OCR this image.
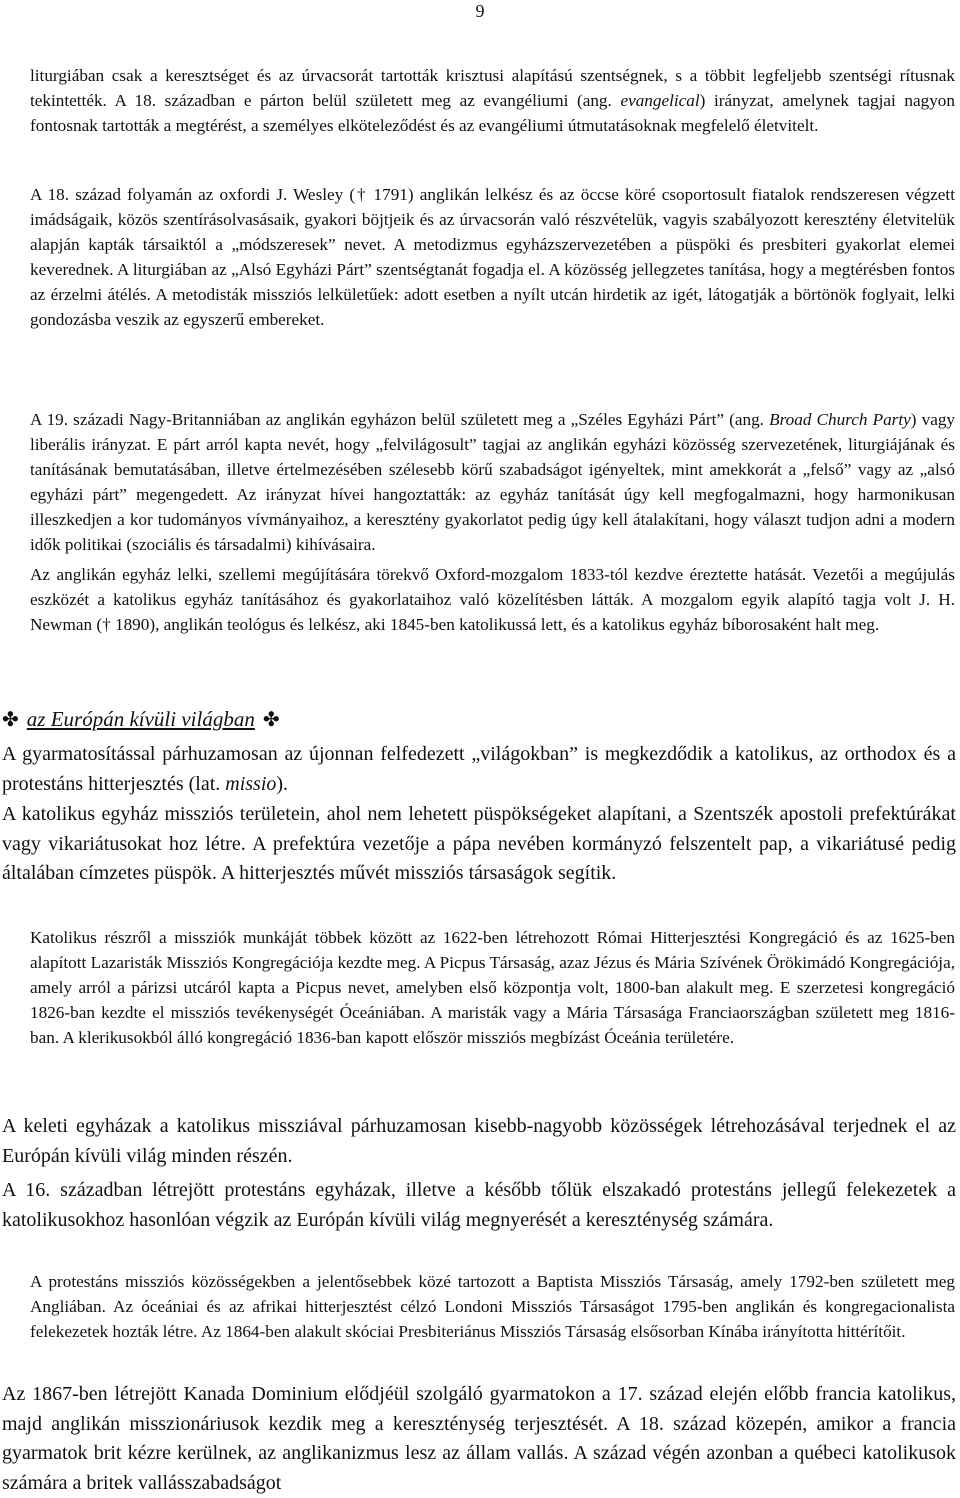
9

liturgiában csak a keresztséget és az úrvacsorát tartották krisztusi alapítású szentségnek, s a többit legfeljebb szentségi rítusnak tekintették. A 18. században e párton belül született meg az evangéliumi (ang. evangelical) irányzat, amelynek tagjai nagyon fontosnak tartották a megtérést, a személyes elköteleződést és az evangéliumi útmutatásoknak megfelelő életvitelt.

A 18. század folyamán az oxfordi J. Wesley († 1791) anglikán lelkész és az öccse köré csoportosult fiatalok rendszeresen végzett imádságaik, közös szentírásolvasásaik, gyakori böjtjeik és az úrvacsorán való részvételük, vagyis szabályozott keresztény életvitelük alapján kapták társaiktól a „módszeresek” nevet. A metodizmus egyházszervezetében a püspöki és presbiteri gyakorlat elemei keverednek. A liturgiában az „Alsó Egyházi Párt” szentségtanát fogadja el. A közösség jellegzetes tanítása, hogy a megtérésben fontos az érzelmi átélés. A metodisták missziós lelkületűek: adott esetben a nyílt utcán hirdetik az igét, látogatják a börtönök foglyait, lelki gondozásba veszik az egyszerű embereket.

A 19. századi Nagy-Britanniában az anglikán egyházon belül született meg a „Széles Egyházi Párt” (ang. Broad Church Party) vagy liberális irányzat. E párt arról kapta nevét, hogy „felvilágosult” tagjai az anglikán egyházi közösség szervezetének, liturgiájának és tanításának bemutatásában, illetve értelmezésében szélesebb körű szabadságot igényeltek, mint amekkorát a „felső” vagy az „alsó egyházi párt” megengedett. Az irányzat hívei hangoztatták: az egyház tanítását úgy kell megfogalmazni, hogy harmonikusan illeszkedjen a kor tudományos vívmányaihoz, a keresztény gyakorlatot pedig úgy kell átalakítani, hogy választ tudjon adni a modern idők politikai (szociális és társadalmi) kihívásaira.

Az anglikán egyház lelki, szellemi megújítására törekvő Oxford-mozgalom 1833-tól kezdve éreztette hatását. Vezetői a megújulás eszközét a katolikus egyház tanításához és gyakorlataihoz való közelítésben látták. A mozgalom egyik alapító tagja volt J. H. Newman († 1890), anglikán teológus és lelkész, aki 1845-ben katolikussá lett, és a katolikus egyház bíborosaként halt meg.

✤ az Európán kívüli világban ✤

A gyarmatosítással párhuzamosan az újonnan felfedezett „világokban” is megkezdődik a katolikus, az orthodox és a protestáns hitterjesztés (lat. missio).

A katolikus egyház missziós területein, ahol nem lehetett püspökségeket alapítani, a Szentszék apostoli prefektúrákat vagy vikariátusokat hoz létre. A prefektúra vezetője a pápa nevében kormányzó felszentelt pap, a vikariátusé pedig általában címzetes püspök. A hitterjesztés művét missziós társaságok segítik.

Katolikus részről a missziók munkáját többek között az 1622-ben létrehozott Római Hitterjesztési Kongregáció és az 1625-ben alapított Lazaristák Missziós Kongregációja kezdte meg. A Picpus Társaság, azaz Jézus és Mária Szívének Örökimádó Kongregációja, amely arról a párizsi utcáról kapta a Picpus nevet, amelyben első központja volt, 1800-ban alakult meg. E szerzetesi kongregáció 1826-ban kezdte el missziós tevékenységét Óceániában. A maristák vagy a Mária Társasága Franciaországban született meg 1816-ban. A klerikusokból álló kongregáció 1836-ban kapott először missziós megbízást Óceánia területére.

A keleti egyházak a katolikus missziával párhuzamosan kisebb-nagyobb közösségek létrehozásával terjednek el az Európán kívüli világ minden részén.

A 16. században létrejött protestáns egyházak, illetve a később tőlük elszakadó protestáns jellegű felekezetek a katolikusokhoz hasonlóan végzik az Európán kívüli világ megnyerését a kereszténység számára.

A protestáns missziós közösségekben a jelentősebbek közé tartozott a Baptista Missziós Társaság, amely 1792-ben született meg Angliában. Az óceániai és az afrikai hitterjesztést célzó Londoni Missziós Társaságot 1795-ben anglikán és kongregacionalista felekezetek hozták létre. Az 1864-ben alakult skóciai Presbiteriánus Missziós Társaság elsősorban Kínába irányította hittérítőit.

Az 1867-ben létrejött Kanada Dominium elődjéül szolgáló gyarmatokon a 17. század elején előbb francia katolikus, majd anglikán misszionáriusok kezdik meg a kereszténység terjesztését. A 18. század közepén, amikor a francia gyarmatok brit kézre kerülnek, az anglikanizmus lesz az állam vallás. A század végén azonban a québeci katolikusok számára a britek vallásszabadságot
